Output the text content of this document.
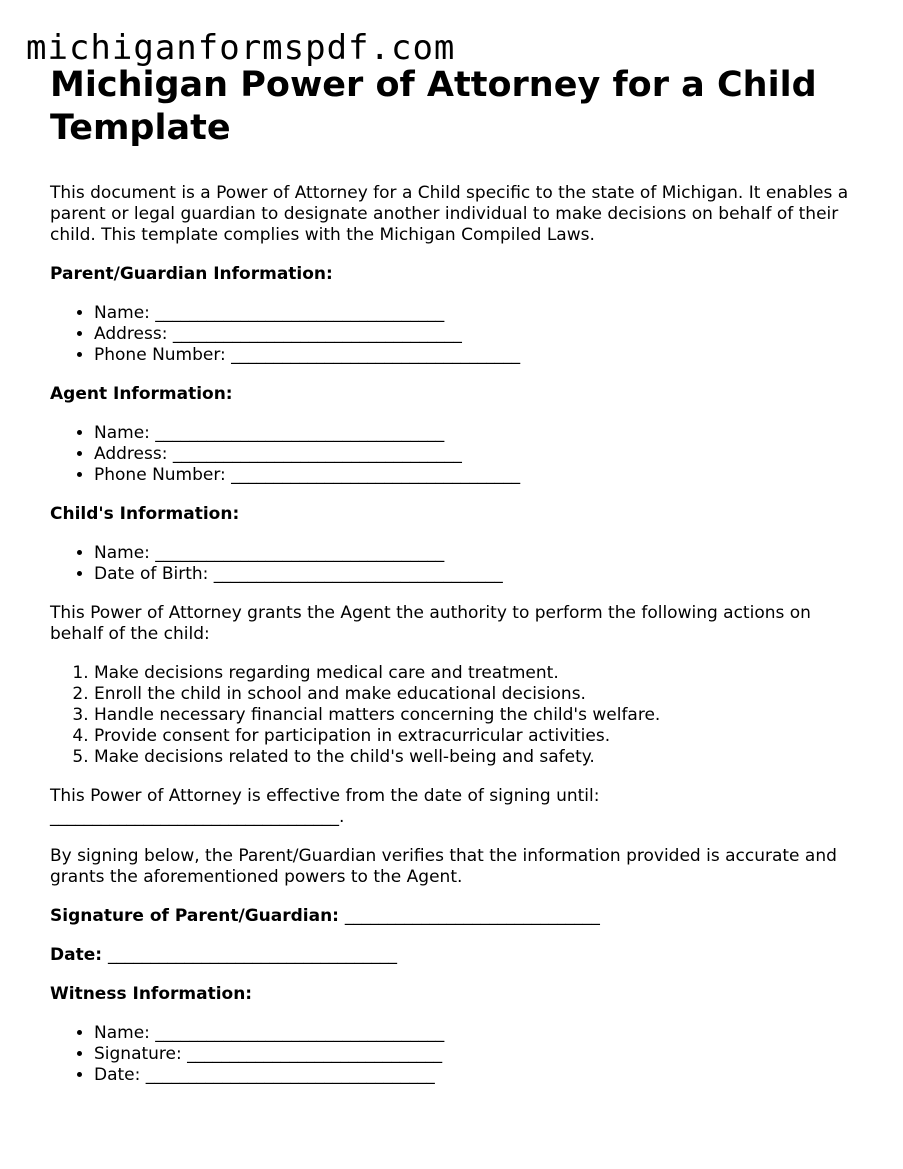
michiganformspdf.com
Michigan Power of Attorney for a Child Template

This document is a Power of Attorney for a Child specific to the state of Michigan. It enables a parent or legal guardian to designate another individual to make decisions on behalf of their child. This template complies with the Michigan Compiled Laws.

Parent/Guardian Information:
• Name: __________________________________
• Address: __________________________________
• Phone Number: __________________________________
Agent Information:
• Name: __________________________________
• Address: __________________________________
• Phone Number: __________________________________
Child's Information:
• Name: __________________________________
• Date of Birth: __________________________________

This Power of Attorney grants the Agent the authority to perform the following actions on behalf of the child:

1. Make decisions regarding medical care and treatment.
2. Enroll the child in school and make educational decisions.
3. Handle necessary financial matters concerning the child's welfare.
4. Provide consent for participation in extracurricular activities.
5. Make decisions related to the child's well-being and safety.

This Power of Attorney is effective from the date of signing until: __________________________________.

By signing below, the Parent/Guardian verifies that the information provided is accurate and grants the aforementioned powers to the Agent.

Signature of Parent/Guardian: ______________________________
Date: __________________________________
Witness Information:
• Name: __________________________________
• Signature: ______________________________
• Date: __________________________________
